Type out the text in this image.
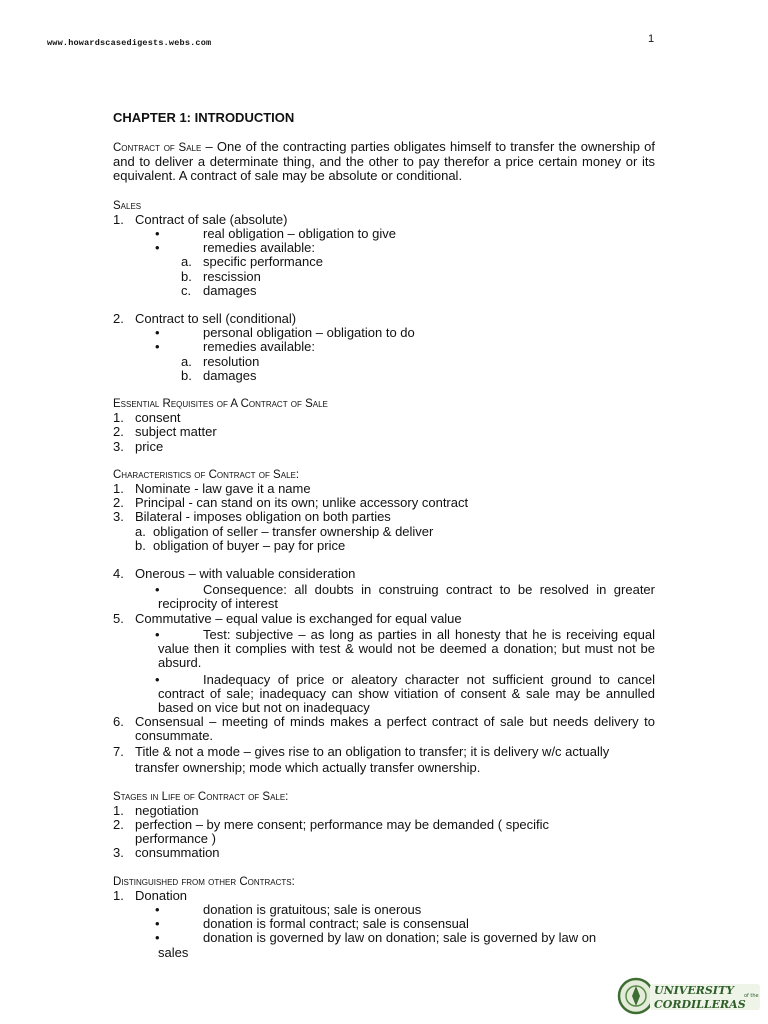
www.howardscasedigests.webs.com	1
CHAPTER 1: INTRODUCTION
Contract of Sale – One of the contracting parties obligates himself to transfer the ownership of and to deliver a determinate thing, and the other to pay therefor a price certain money or its equivalent. A contract of sale may be absolute or conditional.
Sales
1. Contract of sale (absolute)
•	real obligation – obligation to give
•	remedies available:
a. specific performance
b. rescission
c. damages
2. Contract to sell (conditional)
•	personal obligation – obligation to do
•	remedies available:
a. resolution
b. damages
Essential Requisites of A Contract of Sale
1. consent
2. subject matter
3. price
Characteristics of Contract of Sale:
1. Nominate - law gave it a name
2. Principal - can stand on its own; unlike accessory contract
3. Bilateral - imposes obligation on both parties
a. obligation of seller – transfer ownership & deliver
b. obligation of buyer – pay for price
4. Onerous – with valuable consideration
•	Consequence: all doubts in construing contract to be resolved in greater reciprocity of interest
5. Commutative – equal value is exchanged for equal value
•	Test: subjective – as long as parties in all honesty that he is receiving equal value then it complies with test & would not be deemed a donation; but must not be absurd.
•	Inadequacy of price or aleatory character not sufficient ground to cancel contract of sale; inadequacy can show vitiation of consent & sale may be annulled based on vice but not on inadequacy
6. Consensual – meeting of minds makes a perfect contract of sale but needs delivery to consummate.
7. Title & not a mode – gives rise to an obligation to transfer; it is delivery w/c actually transfer ownership; mode which actually transfer ownership.
Stages in Life of Contract of Sale:
1. negotiation
2. perfection – by mere consent; performance may be demanded ( specific performance )
3. consummation
Distinguished from other Contracts:
1. Donation
•	donation is gratuitous; sale is onerous
•	donation is formal contract; sale is consensual
•	donation is governed by law on donation; sale is governed by law on sales
UNIVERSITY of the
CORDILLERAS
